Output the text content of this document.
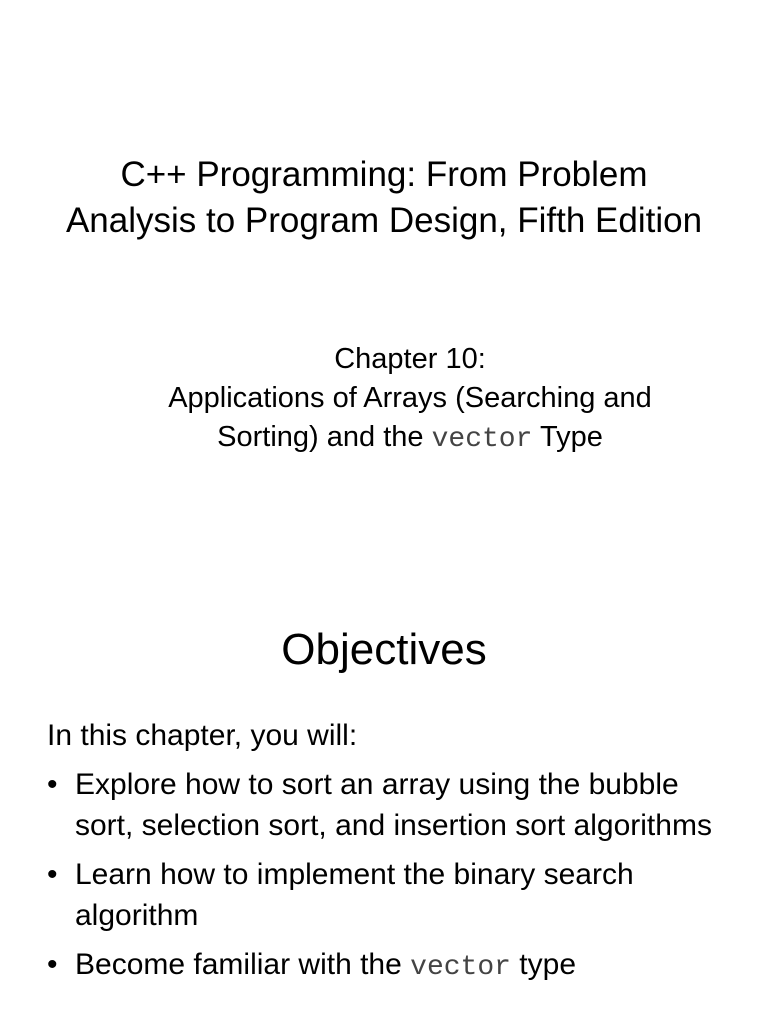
C++ Programming: From Problem
Analysis to Program Design, Fifth Edition
Chapter 10:
Applications of Arrays (Searching and
Sorting) and the vector Type
Objectives
In this chapter, you will:
• Explore how to sort an array using the bubble sort, selection sort, and insertion sort algorithms
• Learn how to implement the binary search algorithm
• Become familiar with the vector type
